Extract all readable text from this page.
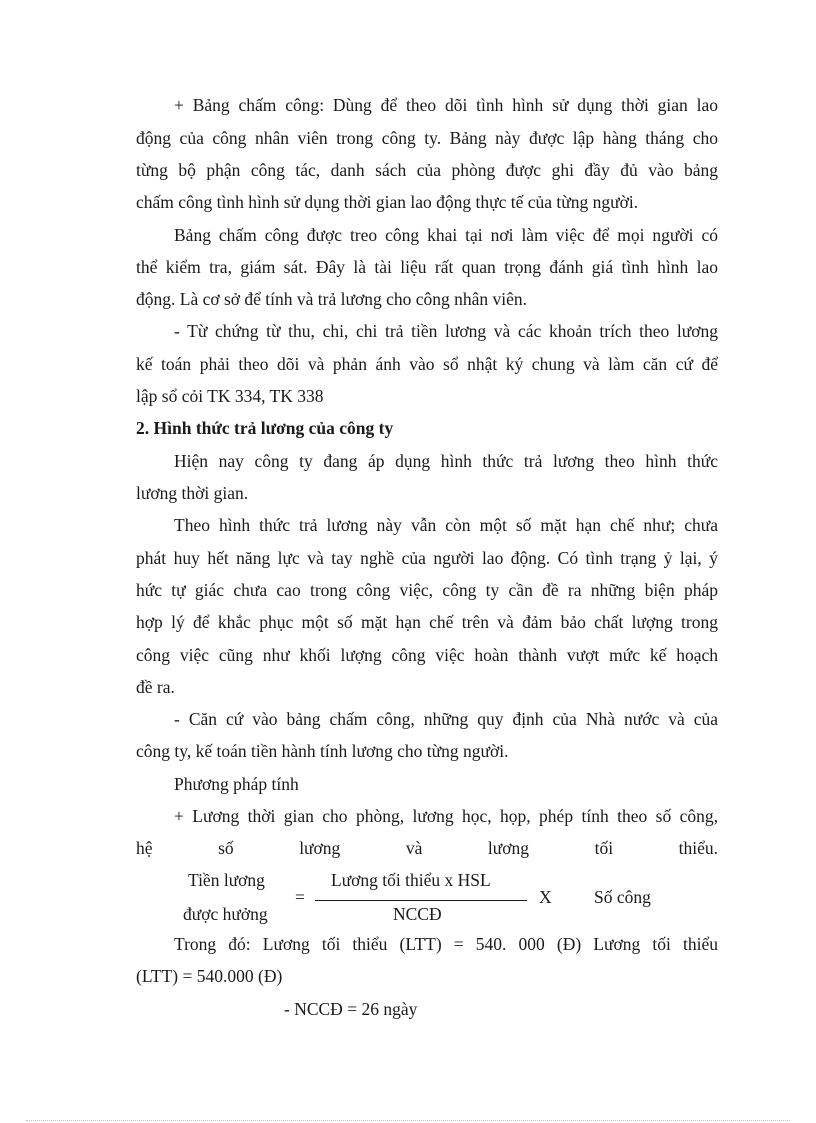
+ Bảng chấm công: Dùng để theo dõi tình hình sử dụng thời gian lao
động của công nhân viên trong công ty. Bảng này được lập hàng tháng cho
từng bộ phận công tác, danh sách của phòng được ghi đầy đủ vào bảng
chấm công tình hình sử dụng thời gian lao động thực tế của từng người.
Bảng chấm công được treo công khai tại nơi làm việc để mọi người có
thể kiểm tra, giám sát. Đây là tài liệu rất quan trọng đánh giá tình hình lao
động. Là cơ sở để tính và trả lương cho công nhân viên.
- Từ chứng từ thu, chi, chi trả tiền lương và các khoản trích theo lương
kế toán phải theo dõi và phản ánh vào sổ nhật ký chung và làm căn cứ để
lập sổ cỏi TK 334, TK 338
2. Hình thức trả lương của công ty
Hiện nay công ty đang áp dụng hình thức trả lương theo hình thức
lương thời gian.
Theo hình thức trả lương này vẫn còn một số mặt hạn chế như; chưa
phát huy hết năng lực và tay nghề của người lao động. Có tình trạng ỷ lại, ý
hức tự giác chưa cao trong công việc, công ty cần đề ra những biện pháp
hợp lý để khắc phục một số mặt hạn chế trên và đảm bảo chất lượng trong
công việc cũng như khối lượng công việc hoàn thành vượt mức kế hoạch
đề ra.
- Căn cứ vào bảng chấm công, những quy định của Nhà nước và của
công ty, kế toán tiền hành tính lương cho từng người.
Phương pháp tính
+ Lương thời gian cho phòng, lương học, họp, phép tính theo số công,
hệ số lương và lương tối thiểu.
Tiền lương
được hưởng
=
Lương tối thiểu x HSL
NCCĐ
X Số công
Trong đó: Lương tối thiểu (LTT) = 540. 000 (Đ) Lương tối thiểu
(LTT) = 540.000 (Đ)
- NCCĐ = 26 ngày
